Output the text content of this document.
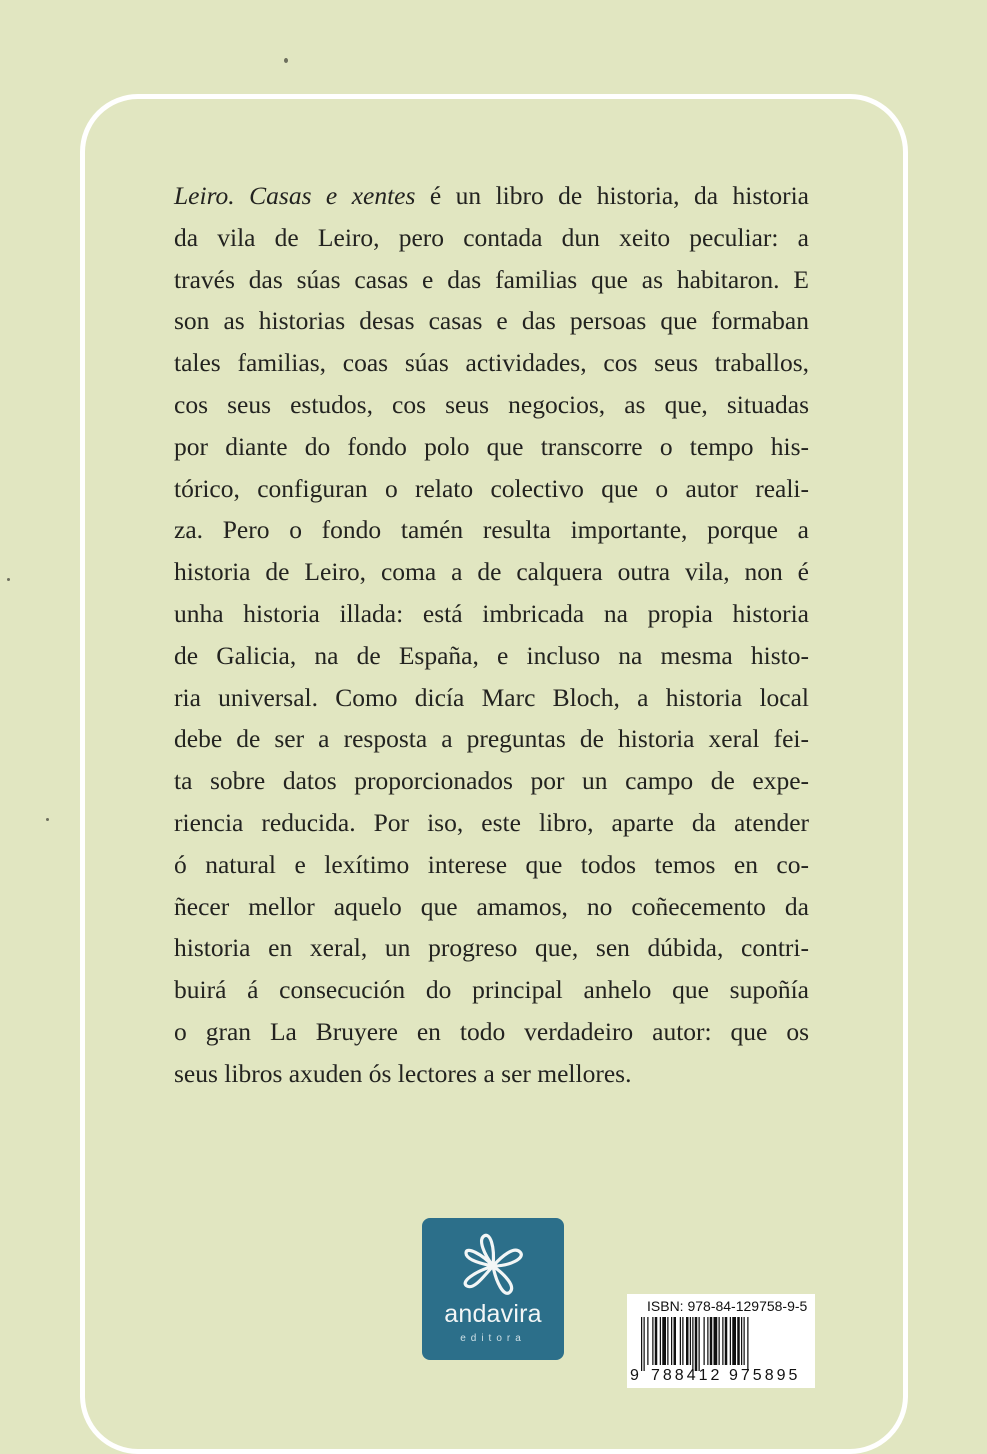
Leiro. Casas e xentes é un libro de historia, da historia
da vila de Leiro, pero contada dun xeito peculiar: a
través das súas casas e das familias que as habitaron. E
son as historias desas casas e das persoas que formaban
tales familias, coas súas actividades, cos seus traballos,
cos seus estudos, cos seus negocios, as que, situadas
por diante do fondo polo que transcorre o tempo his-
tórico, configuran o relato colectivo que o autor reali-
za. Pero o fondo tamén resulta importante, porque a
historia de Leiro, coma a de calquera outra vila, non é
unha historia illada: está imbricada na propia historia
de Galicia, na de España, e incluso na mesma histo-
ria universal. Como dicía Marc Bloch, a historia local
debe de ser a resposta a preguntas de historia xeral fei-
ta sobre datos proporcionados por un campo de expe-
riencia reducida. Por iso, este libro, aparte da atender
ó natural e lexítimo interese que todos temos en co-
ñecer mellor aquelo que amamos, no coñecemento da
historia en xeral, un progreso que, sen dúbida, contri-
buirá á consecución do principal anhelo que supoñía
o gran La Bruyere en todo verdadeiro autor: que os
seus libros axuden ós lectores a ser mellores.
andavira
editora
ISBN: 978-84-129758-9-5
9 788412 975895
